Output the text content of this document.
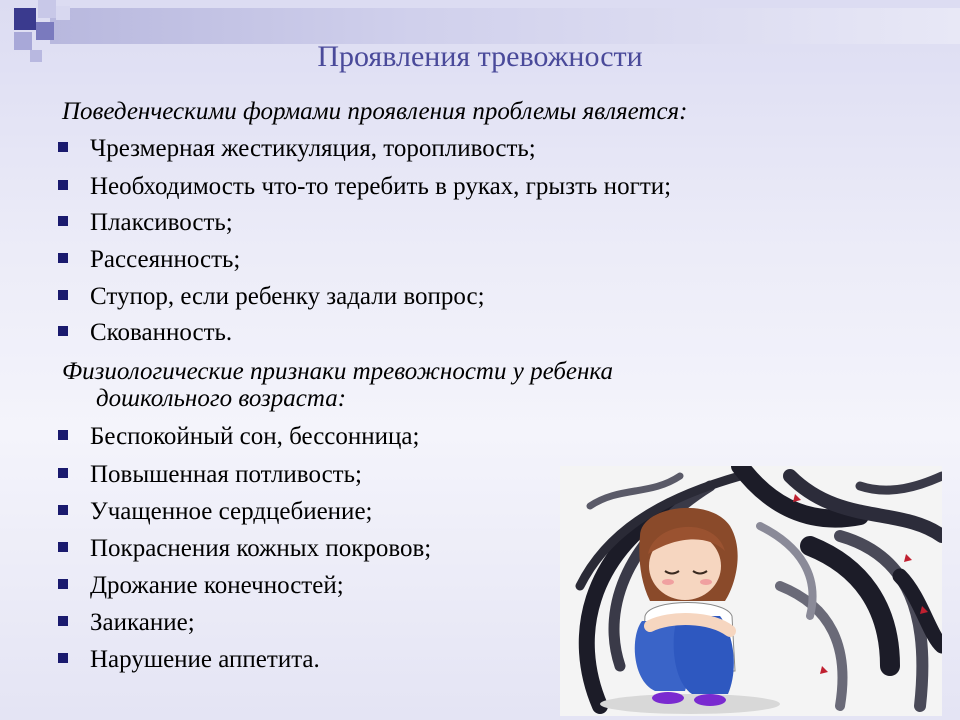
Проявления тревожности
Поведенческими формами проявления проблемы является:
Чрезмерная жестикуляция, торопливость;
Необходимость что-то теребить в руках, грызть ногти;
Плаксивость;
Рассеянность;
Ступор, если ребенку задали вопрос;
Скованность.
Физиологические признаки тревожности у ребенка
дошкольного возраста:
Беспокойный сон, бессонница;
Повышенная потливость;
Учащенное сердцебиение;
Покраснения кожных покровов;
Дрожание конечностей;
Заикание;
Нарушение аппетита.
